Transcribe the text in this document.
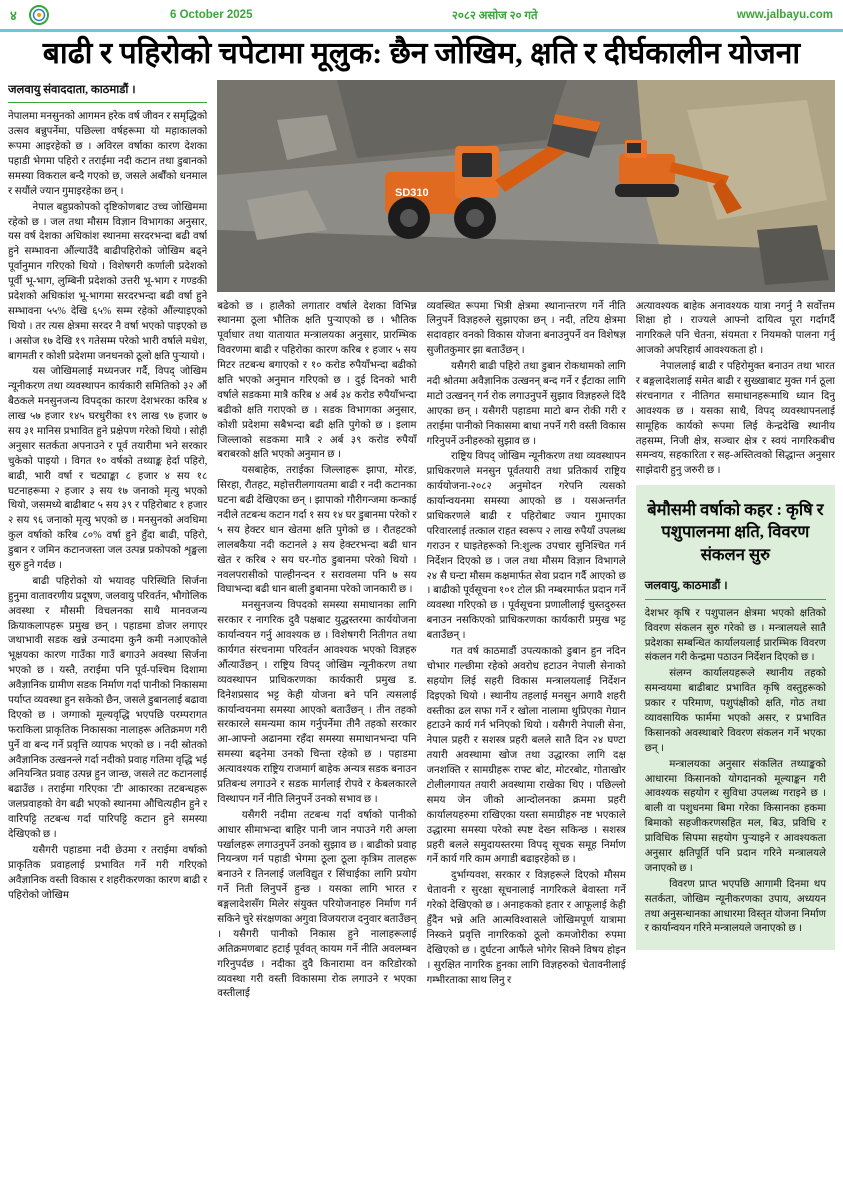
४	6 October 2025	२०८२ असोज २० गते	www.jalbayu.com
बाढी र पहिरोको चपेटामा मूलुक: छैन जोखिम, क्षति र दीर्घकालीन योजना
SD310
जलवायु संवाददाता, काठमाडौं ।

नेपालमा मनसुनको आगमन हरेक वर्ष जीवन र समृद्धिको उत्सव बन्नुपर्नेमा, पछिल्ला वर्षहरूमा यो महाकालको रूपमा आइरहेको छ । अविरल वर्षाका कारण देशका पहाडी भेगमा पहिरो र तराईमा नदी कटान तथा डुबानको समस्या विकराल बन्दै गएको छ, जसले अर्बौंको धनमाल र सयौंले ज्यान गुमाइरहेका छन् ।

नेपाल बहुप्रकोपको दृष्टिकोणबाट उच्च जोखिममा रहेको छ । जल तथा मौसम विज्ञान विभागका अनुसार, यस वर्ष देशका अधिकांश स्थानमा सरदरभन्दा बढी वर्षा हुने सम्भावना औंल्याउँदै बाढीपहिरोको जोखिम बढ्ने पूर्वानुमान गरिएको थियो । विशेषगरी कर्णाली प्रदेशको पूर्वी भू-भाग, लुम्बिनी प्रदेशको उत्तरी भू-भाग र गण्डकी प्रदेशको अधिकांश भू-भागमा सरदरभन्दा बढी वर्षा हुने सम्भावना ५५% देखि ६५% सम्म रहेको औंल्याइएको थियो । तर त्यस क्षेत्रमा सरदर नै वर्षा भएको पाइएको छ । असोज १७ देखि १९ गतेसम्म परेको भारी वर्षाले मधेश, बागमती र कोशी प्रदेशमा जनधनको ठूलो क्षति पुऱ्यायो ।

यस जोखिमलाई मध्यनजर गर्दै, विपद् जोखिम न्यूनीकरण तथा व्यवस्थापन कार्यकारी समितिको ३२ औं बैठकले मनसुनजन्य विपद्का कारण देशभरका करिब ४ लाख ५७ हजार १४५ घरधुरीका १९ लाख ९७ हजार ७ सय ३१ मानिस प्रभावित हुने प्रक्षेपण गरेको थियो । सोही अनुसार सतर्कता अपनाउने र पूर्व तयारीमा भने सरकार चुकेको पाइयो । विगत १० वर्षको तथ्याङ्क हेर्दा पहिरो, बाढी, भारी वर्षा र चट्याङ्का ८ हजार ४ सय १८ घटनाहरूमा २ हजार ३ सय १७ जनाको मृत्यु भएको थियो, जसमध्ये बाढीबाट ५ सय ३९ र पहिरोबाट १ हजार २ सय ९६ जनाको मृत्यु भएको छ । मनसुनको अवधिमा कुल वर्षाको करिब ८०% वर्षा हुने हुँदा बाढी, पहिरो, डुबान र जमिन कटानजस्ता जल उत्पन्न प्रकोपको शृङ्खला सुरु हुने गर्दछ ।

बाढी पहिरोको यो भयावह परिस्थिति सिर्जना हुनुमा वातावरणीय प्रदूषण, जलवायु परिवर्तन, भौगोलिक अवस्था र मौसमी विचलनका साथै मानवजन्य क्रियाकलापहरू प्रमुख छन् । पहाडमा डोजर लगाएर जथाभावी सडक खन्ने उन्मादमा कुनै कमी नआएकोले भूक्षयका कारण गाउँका गाउँ बगाउने अवस्था सिर्जना भएको छ । यस्तै, तराईमा पनि पूर्व-पश्चिम दिशामा अवैज्ञानिक ग्रामीण सडक निर्माण गर्दा पानीको निकासमा पर्याप्त व्यवस्था हुन सकेको छैन, जसले डुबानलाई बढावा दिएको छ । जग्गाको मूल्यवृद्धि भएपछि परम्परागत फराकिला प्राकृतिक निकासका नालाहरू अतिक्रमण गरी पुर्ने वा बन्द गर्ने प्रवृत्ति व्यापक भएको छ । नदी स्रोतको अवैज्ञानिक उत्खनन्ले गर्दा नदीको प्रवाह गतिमा वृद्धि भई अनियन्त्रित प्रवाह उत्पन्न हुन जान्छ, जसले तट कटानलाई बढाउँछ । तराईमा गरिएका 'टी' आकारका तटबन्धहरू जलप्रवाहको वेग बढी भएको स्थानमा औचित्यहीन हुने र वारिपट्टि तटबन्ध गर्दा पारिपट्टि कटान हुने समस्या देखिएको छ ।

यसैगरी पहाडमा नदी छेउमा र तराईमा वर्षाको प्राकृतिक प्रवाहलाई प्रभावित गर्ने गरी गरिएको अवैज्ञानिक वस्ती विकास र शहरीकरणका कारण बाढी र पहिरोको जोखिम

बढेको छ । हालैको लगातार वर्षाले देशका विभिन्न स्थानमा ठूला भौतिक क्षति पुऱ्याएको छ । भौतिक पूर्वाधार तथा यातायात मन्त्रालयका अनुसार, प्रारम्भिक विवरणमा बाढी र पहिरोका कारण करिब १ हजार ५ सय मिटर तटबन्ध बगाएको र १० करोड रुपैयाँभन्दा बढीको क्षति भएको अनुमान गरिएको छ । दुई दिनको भारी वर्षाले सडकमा मात्रै करिब ४ अर्ब ३४ करोड रुपैयाँभन्दा बढीको क्षति गराएको छ । सडक विभागका अनुसार, कोशी प्रदेशमा सबैभन्दा बढी क्षति पुगेको छ । इलाम जिल्लाको सडकमा मात्रै २ अर्ब ३९ करोड रुपैयाँ बराबरको क्षति भएको अनुमान छ ।

यसबाहेक, तराईका जिल्लाहरू झापा, मोरङ, सिरहा, रौतहट, महोत्तरीलगायतमा बाढी र नदी कटानका घटना बढी देखिएका छन् । झापाको गौरीगन्जमा कन्काई नदीले तटबन्ध कटान गर्दा १ सय १४ घर डुबानमा परेको र ५ सय हेक्टर धान खेतमा क्षति पुगेको छ । रौतहटको लालबकैया नदी कटानले ३ सय हेक्टरभन्दा बढी धान खेत र करिब २ सय घर-गोठ डुबानमा परेको थियो । नवलपरासीको पाल्हीनन्दन र सरावलमा पनि ७ सय विघाभन्दा बढी धान बाली डुबानमा परेको जानकारी छ ।

मनसुनजन्य विपदको समस्या समाधानका लागि सरकार र नागरिक दुवै पक्षबाट युद्धस्तरमा कार्ययोजना कार्यान्वयन गर्नु आवश्यक छ । विशेषगरी नितीगत तथा कार्यगत संरचनामा परिवर्तन आवश्यक भएको विज्ञहरु औंत्याउँछन् । राष्ट्रिय विपद् जोखिम न्यूनीकरण तथा व्यवस्थापन प्राधिकरणका कार्यकारी प्रमुख ड. दिनेशप्रसाद भट्ट केही योजना बने पनि त्यसलाई कार्यान्वयनमा समस्या आएको बताउँछन् । तीन तहको सरकारले समन्यमा काम गर्नुपर्नेमा तीनै तहको सरकार आ-आफ्नो अढानमा रहँदा समस्या समाधानभन्दा पनि समस्या बढ्नेमा उनको चिन्ता रहेको छ । पहाडमा अत्यावश्यक राष्ट्रिय राजमार्ग बाहेक अन्यत्र सडक बनाउन प्रतिबन्ध लगाउने र सडक मार्गलाई रोपवे र केबलकारले विस्थापन गर्ने नीति लिनुपर्ने उनको सभाव छ ।

यसैगरी नदीमा तटबन्ध गर्दा वर्षाको पानीको आधार सीमाभन्दा बाहिर पानी जान नपाउने गरी अग्ला पर्खालहरू लगाउनुपर्ने उनको सुझाव छ । बाढीको प्रवाह नियन्त्रण गर्न पहाडी भेगमा ठूला ठूला कृत्रिम तालहरू बनाउने र तिनलाई जलविद्युत र सिंचाईका लागि प्रयोग गर्ने निती लिनुपर्ने हुन्छ । यसका लागि भारत र बङ्गलादेशसँग मिलेर संयुक्त परियोजनाहरु निर्माण गर्न सकिने चुरे संरक्षणका अगुवा विजयराज दनुवार बताउँछन् । यसैगरी पानीको निकास हुने नालाहरूलाई अतिक्रमणबाट हटाई पूर्ववत् कायम गर्ने नीति अवलम्बन गरिनुपर्दछ । नदीका दुवै किनारामा वन करिडोरको व्यवस्था गरी वस्ती विकासमा रोक लगाउने र भएका वस्तीलाई

व्यवस्थित रूपमा भित्री क्षेत्रमा स्थानान्तरण गर्ने नीति लिनुपर्ने विज्ञहरुले सुझाएका छन् । नदी, तटिय क्षेत्रमा सदावहार वनको विकास योजना बनाउनुपर्ने वन विशेषज्ञ सुजीतकुमार झा बताउँछन् ।

यसैगरी बाढी पहिरो तथा डुबान रोकथामको लागि नदी श्रोतमा अवैज्ञानिक उत्खनन् बन्द गर्ने र ईंटाका लागि माटो उत्खनन् गर्न रोक लगाउनुपर्ने सुझाव विज्ञहरुले दिंदै आएका छन् । यसैगरी पहाडमा माटो बग्न रोकी गरी र तराईमा पानीको निकासमा बाधा नपर्ने गरी वस्ती विकास गरिनुपर्ने उनीहरुको सुझाव छ ।

राष्ट्रिय विपद् जोखिम न्यूनीकरण तथा व्यवस्थापन प्राधिकरणले मनसुन पूर्वतयारी तथा प्रतिकार्य राष्ट्रिय कार्ययोजना-२०८२ अनुमोदन गरेपनि त्यसको कार्यान्वयनमा समस्या आएको छ । यसअन्तर्गत प्राधिकरणले बाढी र पहिरोबाट ज्यान गुमाएका परिवारलाई तत्काल राहत स्वरूप २ लाख रुपैयाँ उपलब्ध गराउन र घाइतेहरूको नि:शुल्क उपचार सुनिश्चित गर्न निर्देशन दिएको छ । जल तथा मौसम विज्ञान विभागले २४ सै घन्टा मौसम कक्षमार्फत सेवा प्रदान गर्दै आएको छ । बाढीको पूर्वसूचना १०१ टोल फ्री नम्बरमार्फत प्रदान गर्ने व्यवस्था गरिएको छ । पूर्वसूचना प्रणालीलाई चुस्तदुरुस्त बनाउन नसकिएको प्राधिकरणका कार्यकारी प्रमुख भट्ट बताउँछन् ।

गत वर्ष काठमाडौं उपत्यकाको डुबान हुन नदिन चोभार गल्छीमा रहेको अवरोध हटाउन नेपाली सेनाको सहयोग लिई सहरी विकास मन्त्रालयलाई निर्देशन दिइएको थियो । स्थानीय तहलाई मनसुन अगावै शहरी वस्तीका ढल सफा गर्ने र खोला नालामा थुप्रिएका गेग्रान हटाउने कार्य गर्न भनिएको थियो । यसैगरी नेपाली सेना, नेपाल प्रहरी र सशस्त्र प्रहरी बलले सातै दिन २४ घण्टा तयारी अवस्थामा खोज तथा उद्धारका लागि दक्ष जनशक्ति र सामग्रीहरू राफ्ट बोट, मोटरबोट, गोताखोर टोलीलगायत तयारी अवस्थामा राखेका थिए । पछिल्लो समय जेन जीको आन्दोलनका क्रममा प्रहरी कार्यालयहरुमा राखिएका यस्ता समाग्रीहरु नष्ट भएकाले उद्धारमा समस्या परेको स्पष्ट देख्न सकिन्छ । सशस्त्र प्रहरी बलले समुदायस्तरमा विपद् सूचक समूह निर्माण गर्ने कार्य गरि काम अगाडी बढाइरहेको छ ।

दुर्भाग्यवश, सरकार र विज्ञहरूले दिएको मौसम चेतावनी र सुरक्षा सूचनालाई नागरिकले बेवास्ता गर्ने गरेको देखिएको छ । अनाहकको हतार र आफूलाई केही हुँदैन भन्ने अति आत्मविश्वासले जोखिमपूर्ण यात्रामा निस्कने प्रवृत्ति नागरिकको ठूलो कमजोरीका रुपमा देखिएको छ । दुर्घटना आफैंले भोगेर सिक्ने विषय होइन । सुरक्षित नागरिक हुनका लागि विज्ञहरुको चेतावनीलाई गम्भीरताका साथ लिनु र

अत्यावश्यक बाहेक अनावश्यक यात्रा नगर्नु नै सर्वोत्तम शिक्षा हो । राज्यले आफ्नो दायित्व पूरा गर्दागर्दै नागरिकले पनि चेतना, संयमता र नियमको पालना गर्नु आजको अपरिहार्य आवश्यकता हो ।

नेपाललाई बाढी र पहिरोमुक्त बनाउन तथा भारत र बङ्गलादेशलाई समेत बाढी र सुख्खाबाट मुक्त गर्न ठूला संरचनागत र नीतिगत समाधानहरूमाथि ध्यान दिनु आवश्यक छ । यसका साथै, विपद् व्यवस्थापनलाई सामूहिक कार्यको रूपमा लिई केन्द्रदेखि स्थानीय तहसम्म, निजी क्षेत्र, सञ्चार क्षेत्र र स्वयं नागरिकबीच समन्वय, सहकारिता र सह-अस्तित्वको सिद्धान्त अनुसार साझेदारी हुनु जरुरी छ ।

बेमौसमी वर्षाको कहर : कृषि र पशुपालनमा क्षति, विवरण संकलन सुरु
जलवायु, काठमाडौं ।

देशभर कृषि र पशुपालन क्षेत्रमा भएको क्षतिको विवरण संकलन सुरु गरेको छ । मन्त्रालयले सातै प्रदेशका सम्बन्धित कार्यालयलाई प्रारम्भिक विवरण संकलन गरी केन्द्रमा पठाउन निर्देशन दिएको छ ।

संलग्न कार्यालयहरूले स्थानीय तहको समन्वयमा बाढीबाट प्रभावित कृषि वस्तुहरूको प्रकार र परिमाण, पशुपंक्षीको क्षति, गोठ तथा व्यावसायिक फार्ममा भएको असर, र प्रभावित किसानको अवस्थाबारे विवरण संकलन गर्ने भएका छन् ।

मन्त्रालयका अनुसार संकलित तथ्याङ्कको आधारमा किसानको योगदानको मूल्याङ्कन गरी आवश्यक सहयोग र सुविधा उपलब्ध गराइने छ । बाली वा पशुधनमा बिमा गरेका किसानका हकमा बिमाको सहजीकरणसहित मल, बिउ, प्रविधि र प्राविधिक सिपमा सहयोग पुऱ्याइने र आवश्यकता अनुसार क्षतिपूर्ति पनि प्रदान गरिने मन्त्रालयले जनाएको छ ।

विवरण प्राप्त भएपछि आगामी दिनमा थप सतर्कता, जोखिम न्यूनीकरणका उपाय, अध्ययन तथा अनुसन्धानका आधारमा विस्तृत योजना निर्माण र कार्यान्वयन गरिने मन्त्रालयले जनाएको छ ।
